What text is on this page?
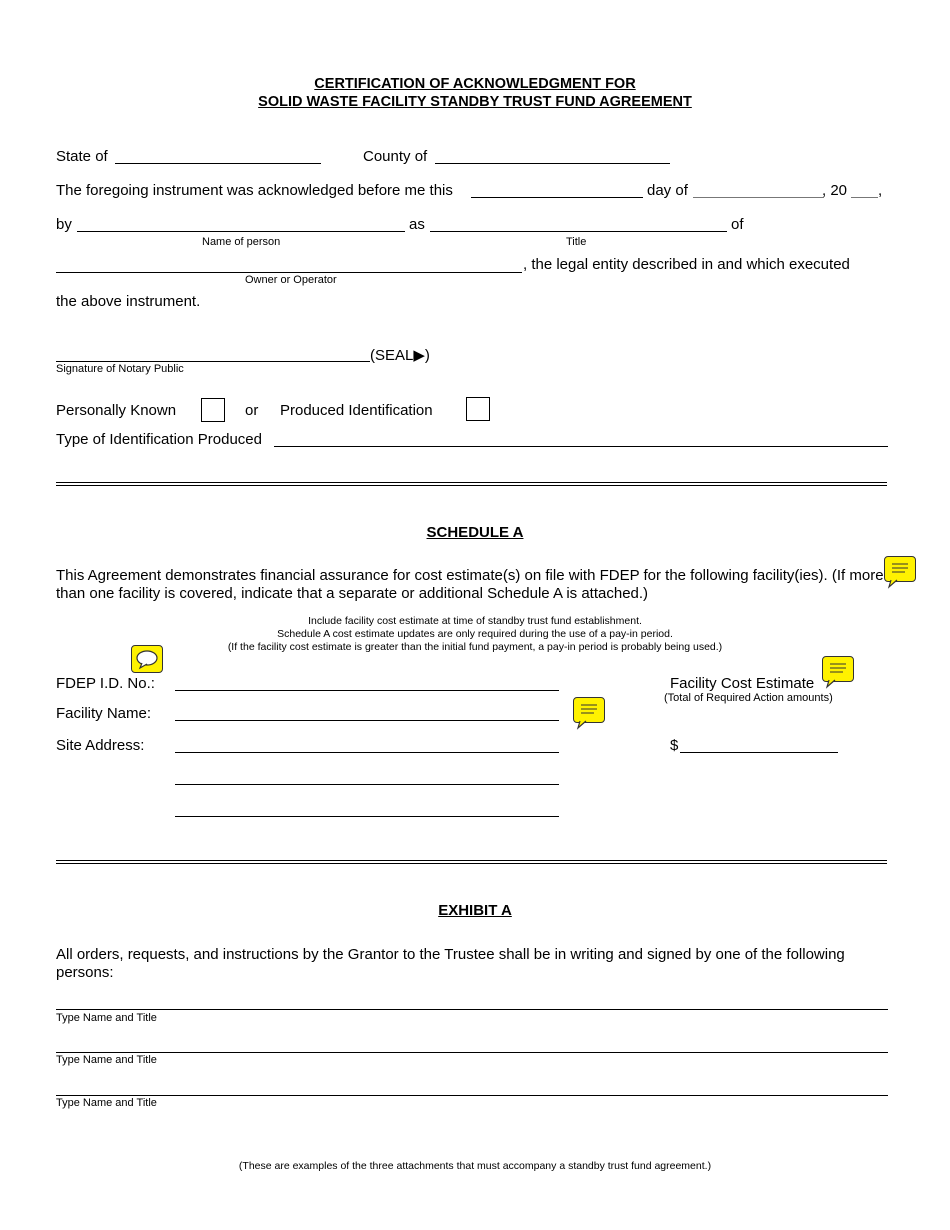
CERTIFICATION OF ACKNOWLEDGMENT FOR
SOLID WASTE FACILITY STANDBY TRUST FUND AGREEMENT
State of	County of
The foregoing instrument was acknowledged before me this	day of	, 20 ,
by
Name of person
as
Title
of
Owner or Operator
, the legal entity described in and which executed
the above instrument.
(SEAL▶)
Signature of Notary Public
Personally Known	or Produced Identification
Type of Identification Produced
SCHEDULE A
This Agreement demonstrates financial assurance for cost estimate(s) on file with FDEP for the following facility(ies). (If more than one facility is covered, indicate that a separate or additional Schedule A is attached.)
Include facility cost estimate at time of standby trust fund establishment.
Schedule A cost estimate updates are only required during the use of a pay-in period.
(If the facility cost estimate is greater than the initial fund payment, a pay-in period is probably being used.)
FDEP I.D. No.:	Facility Cost Estimate
(Total of Required Action amounts)
Facility Name:
Site Address:	$
EXHIBIT A
All orders, requests, and instructions by the Grantor to the Trustee shall be in writing and signed by one of the following persons:
Type Name and Title
Type Name and Title
Type Name and Title
(These are examples of the three attachments that must accompany a standby trust fund agreement.)
